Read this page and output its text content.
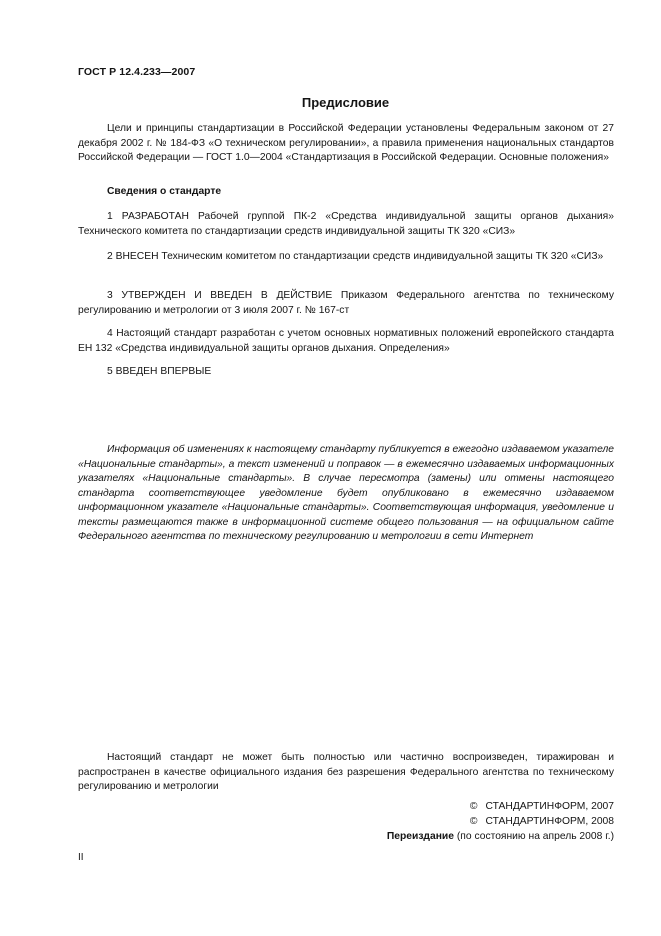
ГОСТ Р 12.4.233—2007
Предисловие
Цели и принципы стандартизации в Российской Федерации установлены Федеральным законом от 27 декабря 2002 г. № 184-ФЗ «О техническом регулировании», а правила применения национальных стандартов Российской Федерации — ГОСТ 1.0—2004 «Стандартизация в Российской Федерации. Основные положения»
Сведения о стандарте
1 РАЗРАБОТАН Рабочей группой ПК-2 «Средства индивидуальной защиты органов дыхания» Технического комитета по стандартизации средств индивидуальной защиты ТК 320 «СИЗ»
2 ВНЕСЕН Техническим комитетом по стандартизации средств индивидуальной защиты ТК 320 «СИЗ»
3 УТВЕРЖДЕН И ВВЕДЕН В ДЕЙСТВИЕ Приказом Федерального агентства по техническому регулированию и метрологии от 3 июля 2007 г. № 167-ст
4 Настоящий стандарт разработан с учетом основных нормативных положений европейского стандарта ЕН 132 «Средства индивидуальной защиты органов дыхания. Определения»
5 ВВЕДЕН ВПЕРВЫЕ
Информация об изменениях к настоящему стандарту публикуется в ежегодно издаваемом указателе «Национальные стандарты», а текст изменений и поправок — в ежемесячно издаваемых информационных указателях «Национальные стандарты». В случае пересмотра (замены) или отмены настоящего стандарта соответствующее уведомление будет опубликовано в ежемесячно издаваемом информационном указателе «Национальные стандарты». Соответствующая информация, уведомление и тексты размещаются также в информационной системе общего пользования — на официальном сайте Федерального агентства по техническому регулированию и метрологии в сети Интернет
Настоящий стандарт не может быть полностью или частично воспроизведен, тиражирован и распространен в качестве официального издания без разрешения Федерального агентства по техническому регулированию и метрологии
© СТАНДАРТИНФОРМ, 2007
© СТАНДАРТИНФОРМ, 2008
Переиздание (по состоянию на апрель 2008 г.)
II
